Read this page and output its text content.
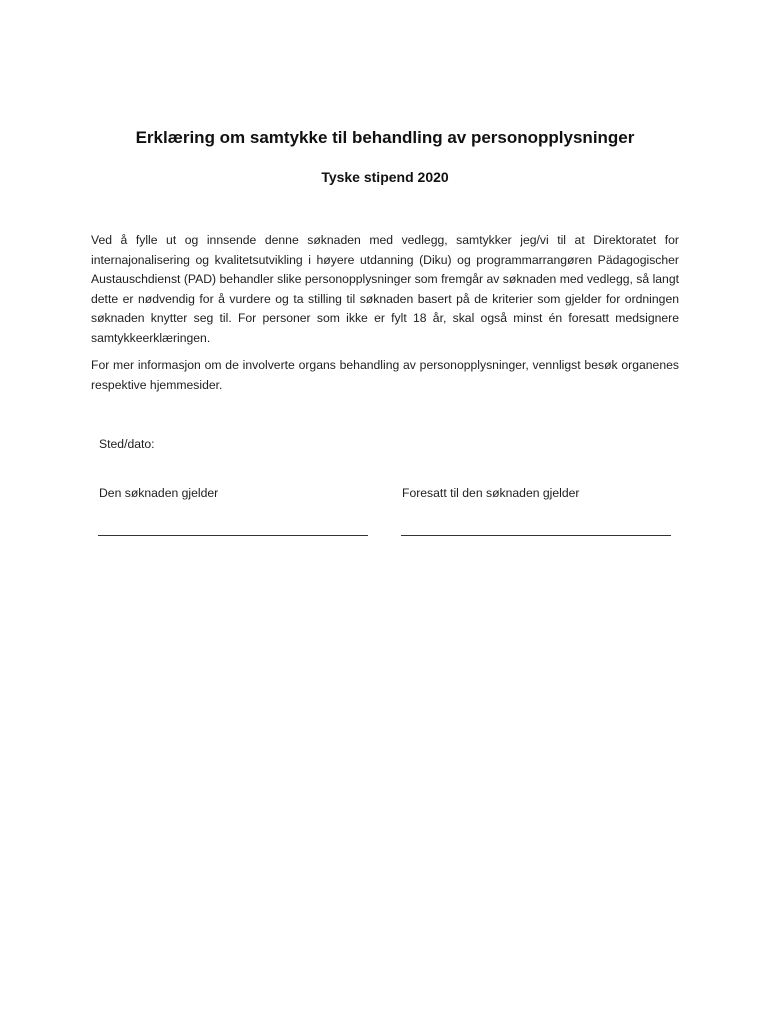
Erklæring om samtykke til behandling av personopplysninger
Tyske stipend 2020
Ved å fylle ut og innsende denne søknaden med vedlegg, samtykker jeg/vi til at Direktoratet for internajonalisering og kvalitetsutvikling i høyere utdanning (Diku) og programmarrangøren Pädagogischer Austauschdienst (PAD) behandler slike personopplysninger som fremgår av søknaden med vedlegg, så langt dette er nødvendig for å vurdere og ta stilling til søknaden basert på de kriterier som gjelder for ordningen søknaden knytter seg til. For personer som ikke er fylt 18 år, skal også minst én foresatt medsignere samtykkeerklæringen.
For mer informasjon om de involverte organs behandling av personopplysninger, vennligst besøk organenes respektive hjemmesider.
Sted/dato:
Den søknaden gjelder	Foresatt til den søknaden gjelder
